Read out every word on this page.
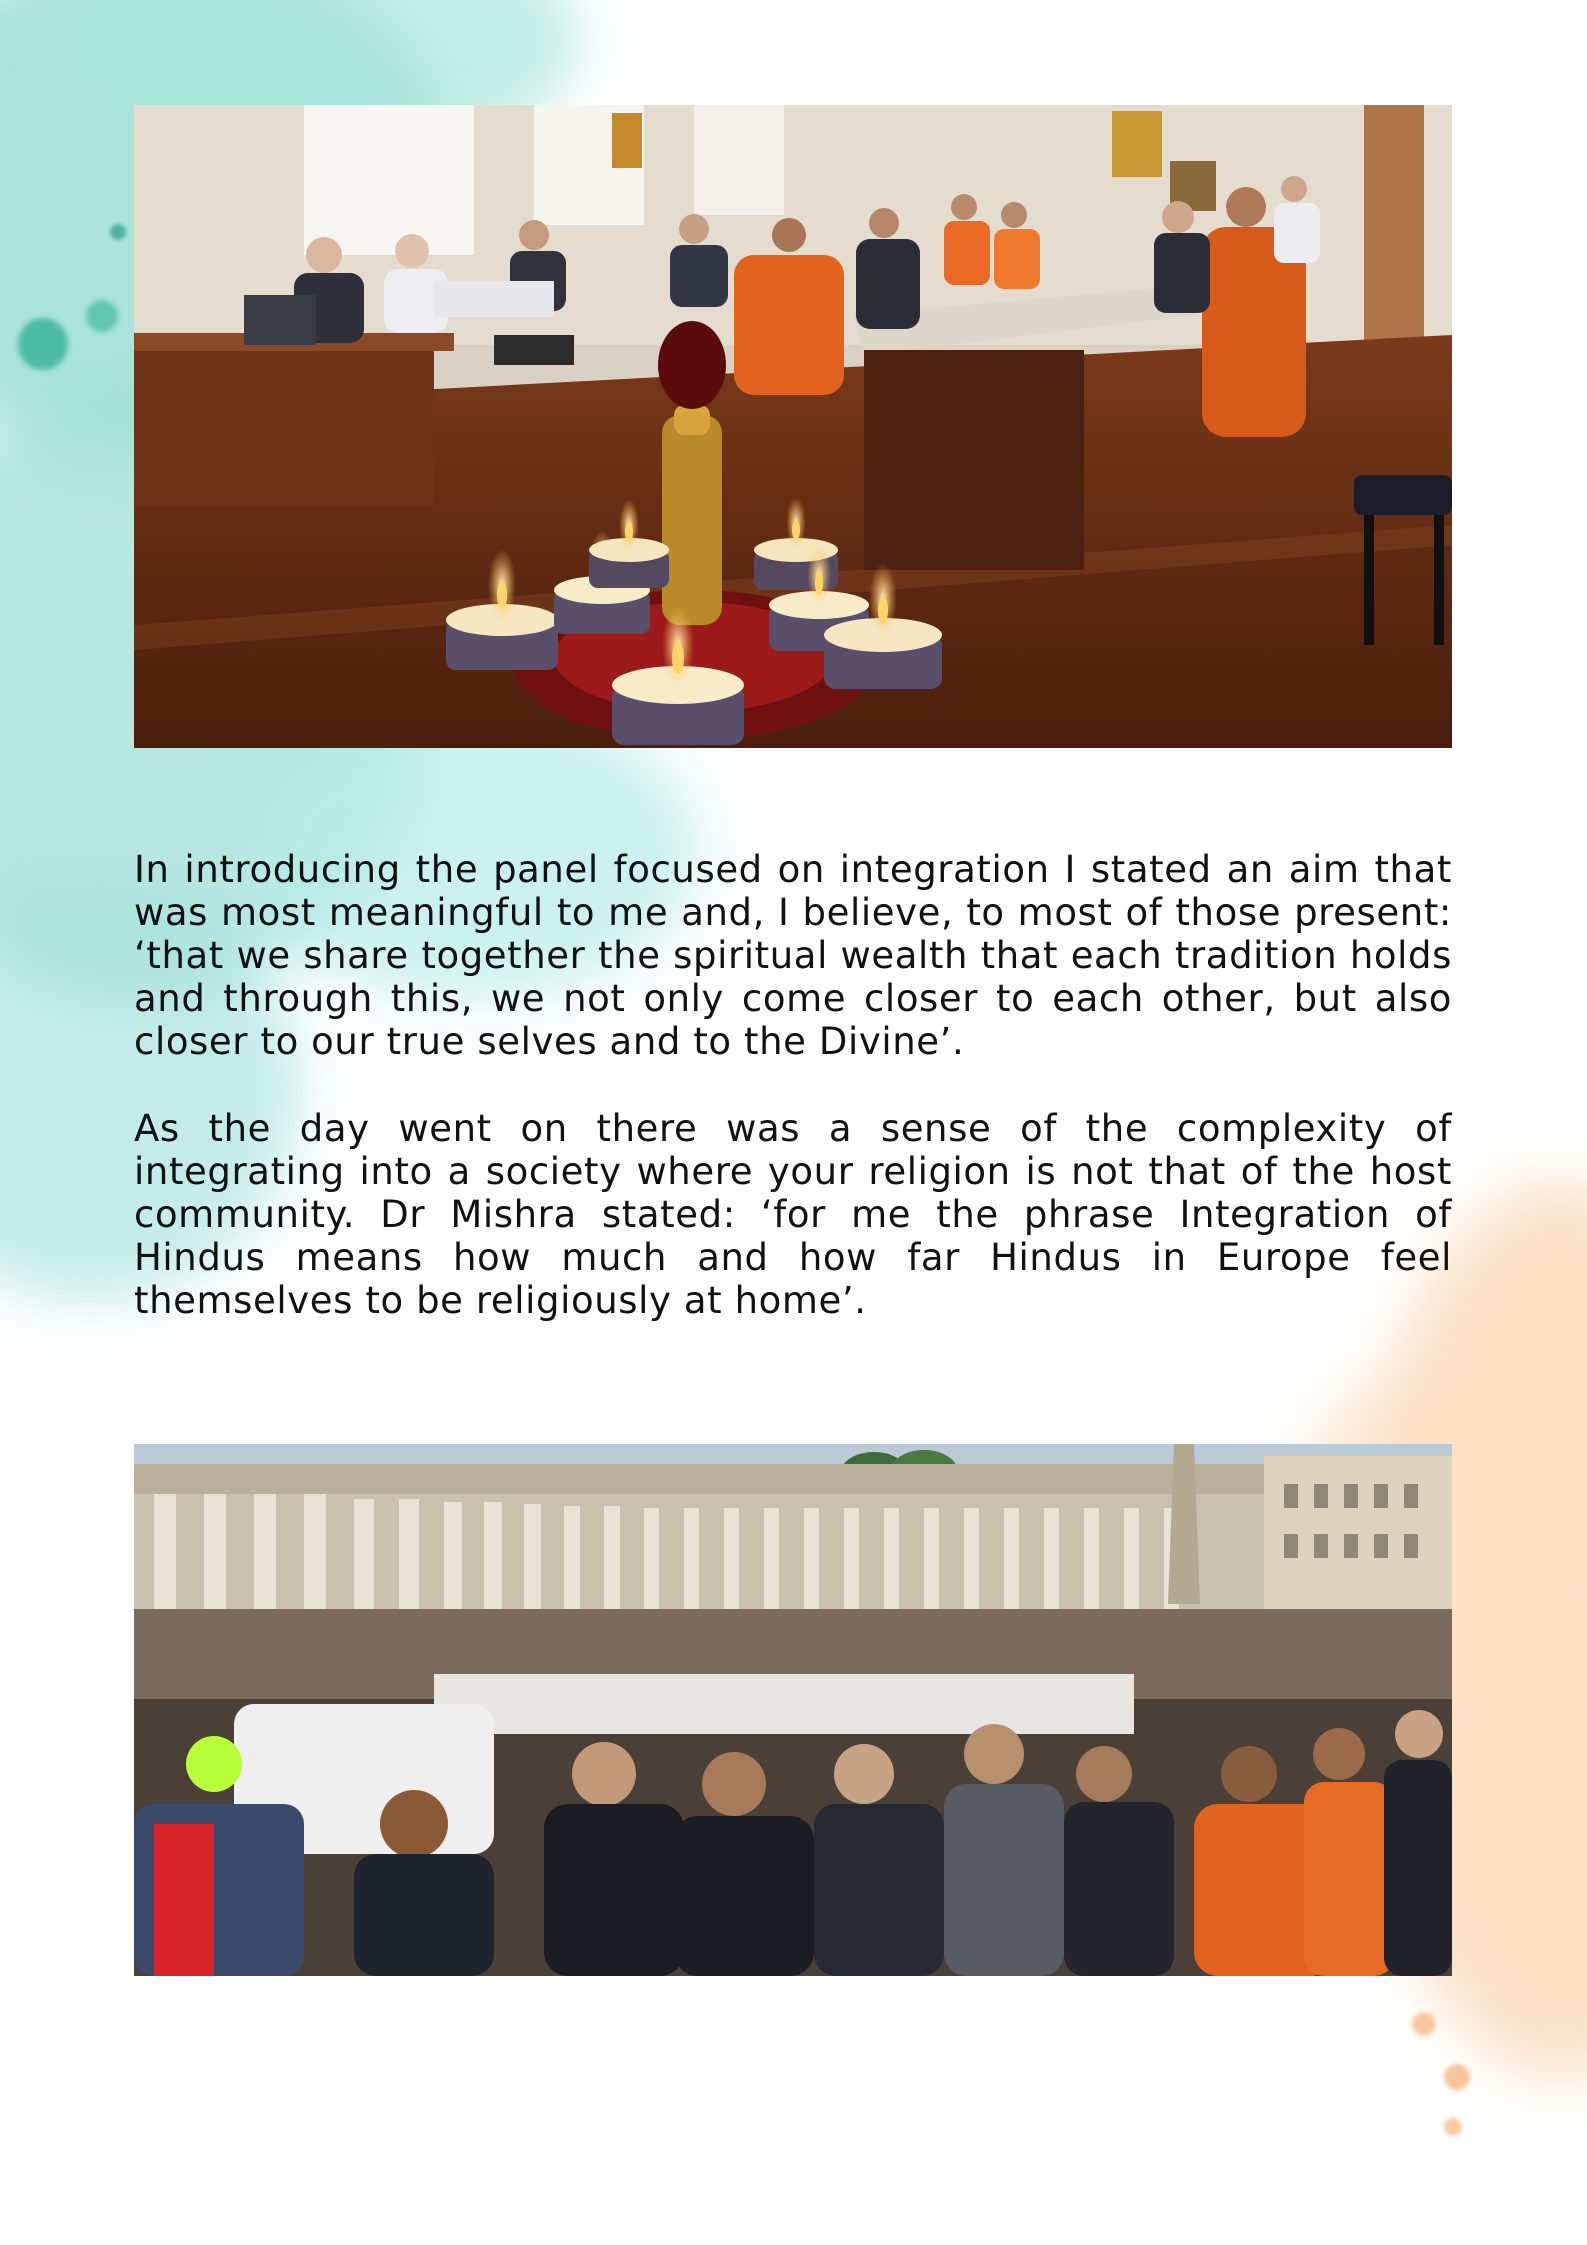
In introducing the panel focused on integration I stated an aim that was most meaningful to me and, I believe, to most of those present: ‘that we share together the spiritual wealth that each tradition holds and through this, we not only come closer to each other, but also closer to our true selves and to the Divine’.

As the day went on there was a sense of the complexity of integrating into a society where your religion is not that of the host community. Dr Mishra stated: ‘for me the phrase Integration of Hindus means how much and how far Hindus in Europe feel themselves to be religiously at home’.
